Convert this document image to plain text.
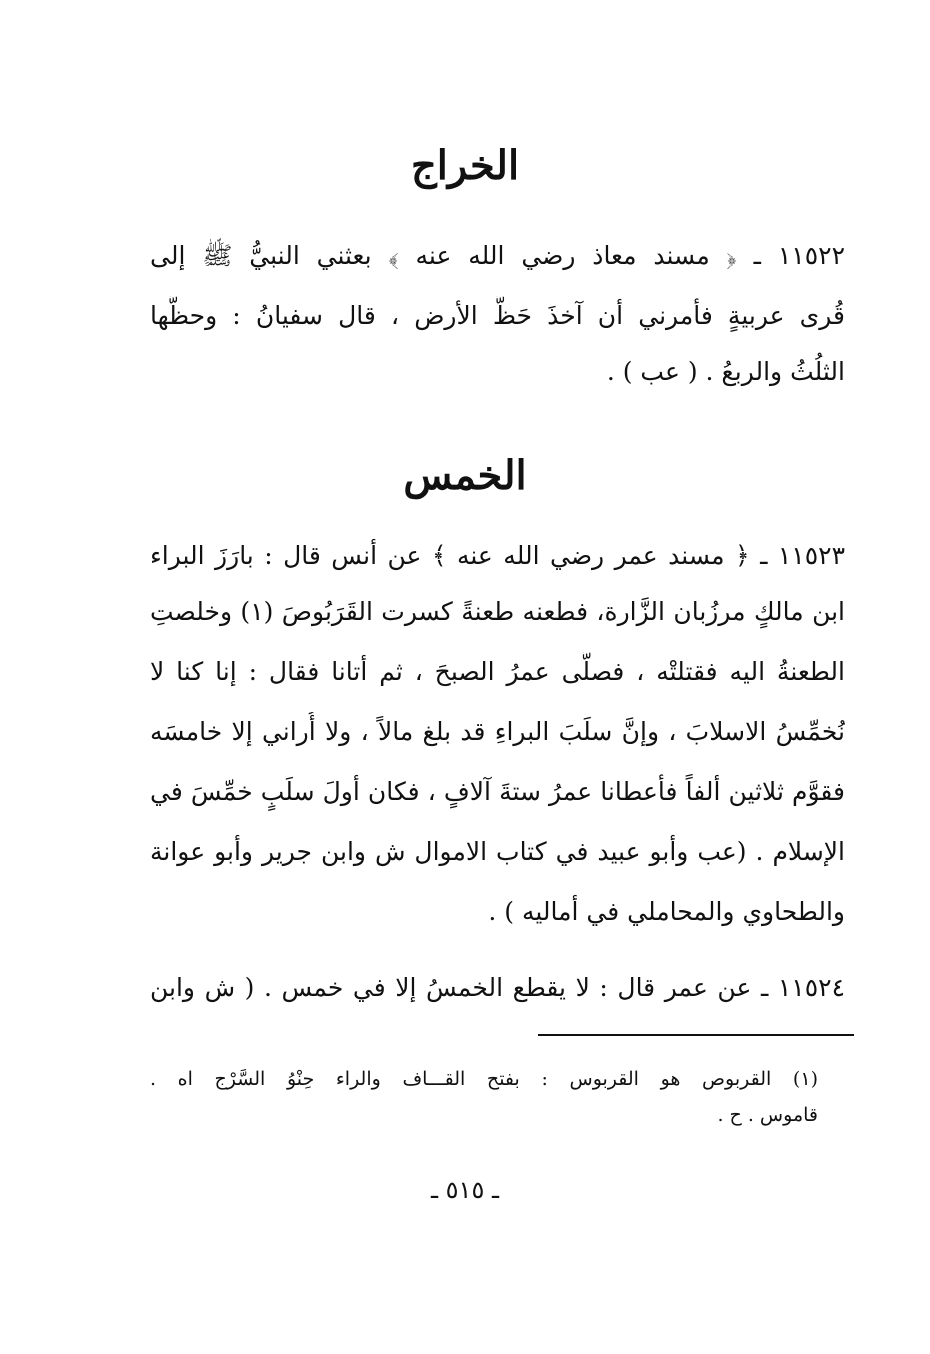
الخراج
١١٥٢٢ ـ ﴿ مسند معاذ رضي الله عنه ﴾ بعثني النبيُّ ﷺ إلى
قُرى عربيةٍ فأمرني أن آخذَ حَظَّ الأرض ، قال سفيانُ : وحظُّها
الثلُثُ والربعُ . ( عب ) .
الخمس
١١٥٢٣ ـ ﴿ مسند عمر رضي الله عنه ﴾ عن أنس قال : بارَزَ البراء
ابن مالكٍ مرزُبان الزَّارة، فطعنه طعنةً كسرت القَرَبُوصَ (١) وخلصتِ
الطعنةُ اليه فقتلتْه ، فصلَّى عمرُ الصبحَ ، ثم أتانا فقال : إنا كنا لا
نُخمِّسُ الاسلابَ ، وإنَّ سلَبَ البراءِ قد بلغ مالاً ، ولا أُراني إلا خامسَه
فقوَّم ثلاثين ألفاً فأعطانا عمرُ ستةَ آلافٍ ، فكان أولَ سلَبٍ خمِّسَ في
الإسلام . (عب وأبو عبيد في كتاب الاموال ش وابن جرير وأبو عوانة
والطحاوي والمحاملي في أماليه ) .
١١٥٢٤ ـ عن عمر قال : لا يقطع الخمسُ إلا في خمس . ( ش وابن
(١) القربوص هو القربوس : بفتح القـــاف والراء حِنْوُ السَّرْج اه .
قاموس . ح .
ـ ٥١٥ ـ
